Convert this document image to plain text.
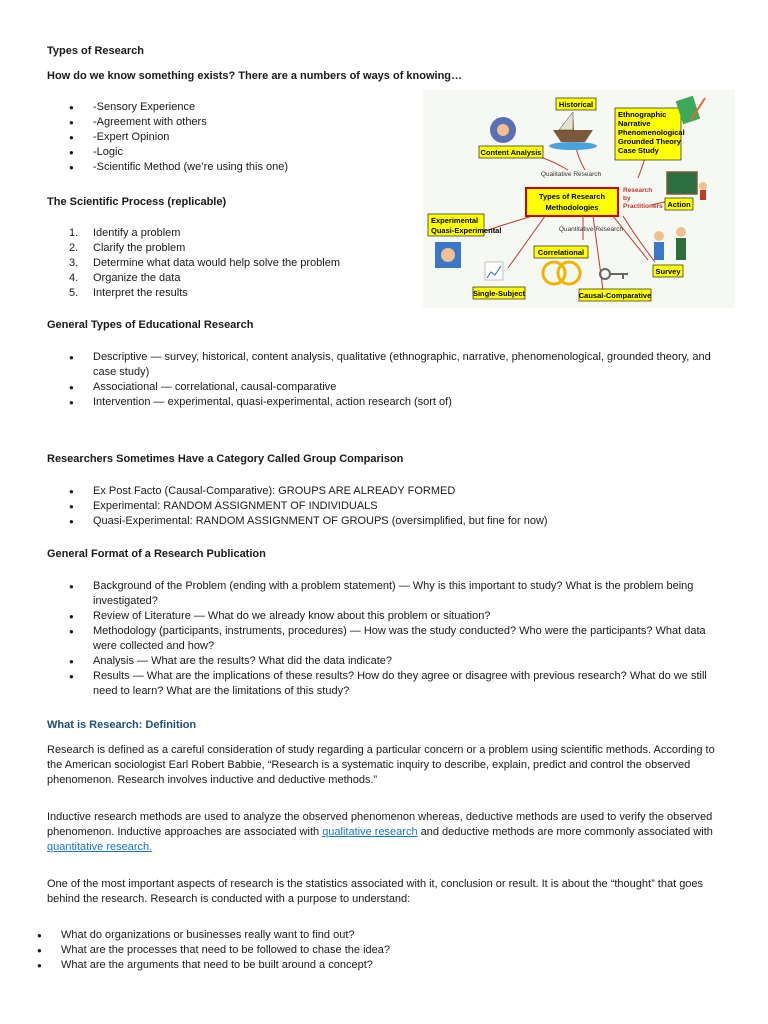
Types of Research
How do we know something exists? There are a numbers of ways of knowing…
● -Sensory Experience
● -Agreement with others
● -Expert Opinion
● -Logic
● -Scientific Method (we’re using this one)
The Scientific Process (replicable)
1. Identify a problem
2. Clarify the problem
3. Determine what data would help solve the problem
4. Organize the data
5. Interpret the results
Types of Research
Methodologies
Qualitative Research
Quantitative Research
Historical
Content Analysis
Ethnographic
Narrative
Phenomenological
Grounded Theory
Case Study
Research
by
Practitioners Action
Experimental
Quasi-Experimental
Correlational
Survey
Single-Subject	Causal-Comparative
General Types of Educational Research
● Descriptive — survey, historical, content analysis, qualitative (ethnographic, narrative, phenomenological, grounded theory, and case study)
● Associational — correlational, causal-comparative
● Intervention — experimental, quasi-experimental, action research (sort of)
Researchers Sometimes Have a Category Called Group Comparison
● Ex Post Facto (Causal-Comparative): GROUPS ARE ALREADY FORMED
● Experimental: RANDOM ASSIGNMENT OF INDIVIDUALS
● Quasi-Experimental: RANDOM ASSIGNMENT OF GROUPS (oversimplified, but fine for now)
General Format of a Research Publication
● Background of the Problem (ending with a problem statement) — Why is this important to study? What is the problem being investigated?
● Review of Literature — What do we already know about this problem or situation?
● Methodology (participants, instruments, procedures) — How was the study conducted? Who were the participants? What data were collected and how?
● Analysis — What are the results? What did the data indicate?
● Results — What are the implications of these results? How do they agree or disagree with previous research? What do we still need to learn? What are the limitations of this study?
What is Research: Definition
Research is defined as a careful consideration of study regarding a particular concern or a problem using scientific methods. According to the American sociologist Earl Robert Babbie, “Research is a systematic inquiry to describe, explain, predict and control the observed phenomenon. Research involves inductive and deductive methods.”
Inductive research methods are used to analyze the observed phenomenon whereas, deductive methods are used to verify the observed phenomenon. Inductive approaches are associated with qualitative research and deductive methods are more commonly associated with quantitative research.
One of the most important aspects of research is the statistics associated with it, conclusion or result. It is about the “thought” that goes behind the research. Research is conducted with a purpose to understand:
● What do organizations or businesses really want to find out?
● What are the processes that need to be followed to chase the idea?
● What are the arguments that need to be built around a concept?
